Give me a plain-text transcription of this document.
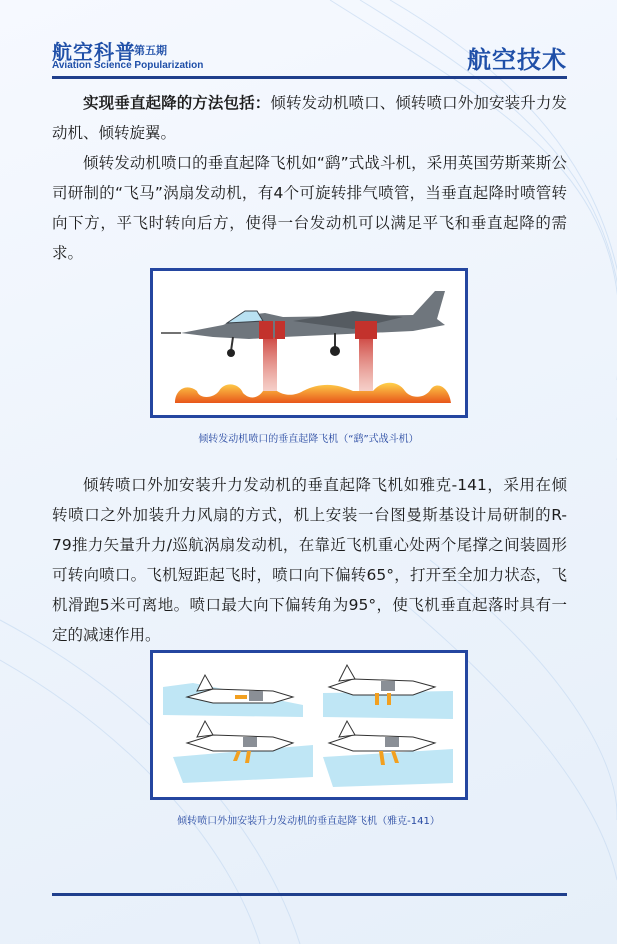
航空科普
第五期
Aviation Science Popularization	航空技术

实现垂直起降的方法包括：倾转发动机喷口、倾转喷口外加安装升力发动机、倾转旋翼。

倾转发动机喷口的垂直起降飞机如“鹞”式战斗机，采用英国劳斯莱斯公司研制的“飞马”涡扇发动机，有4个可旋转排气喷管，当垂直起降时喷管转向下方，平飞时转向后方，使得一台发动机可以满足平飞和垂直起降的需求。

倾转发动机喷口的垂直起降飞机（“鹞”式战斗机）

倾转喷口外加安装升力发动机的垂直起降飞机如雅克-141，采用在倾转喷口之外加装升力风扇的方式，机上安装一台图曼斯基设计局研制的R-79推力矢量升力/巡航涡扇发动机，在靠近飞机重心处两个尾撑之间装圆形可转向喷口。飞机短距起飞时，喷口向下偏转65°，打开至全加力状态，飞机滑跑5米可离地。喷口最大向下偏转角为95°，使飞机垂直起落时具有一定的减速作用。

倾转喷口外加安装升力发动机的垂直起降飞机（雅克-141）
